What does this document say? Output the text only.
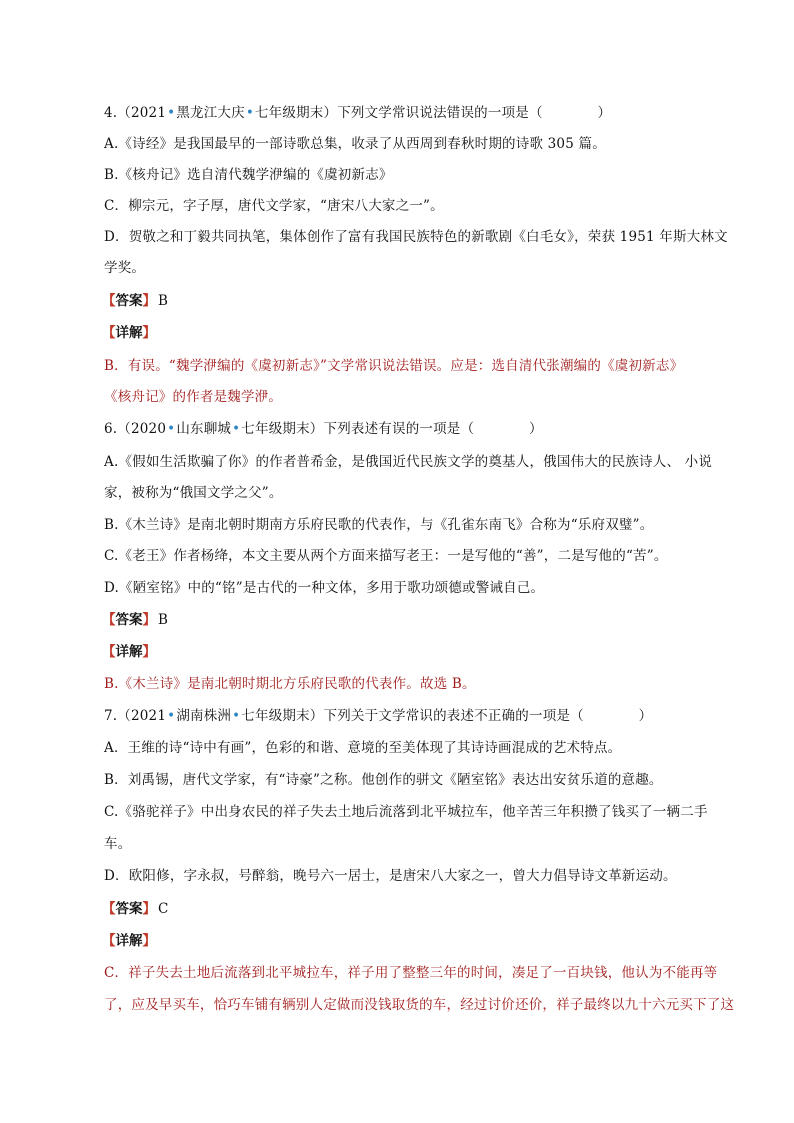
4.（2021•黑龙江大庆•七年级期末）下列文学常识说法错误的一项是（　　　　）
A.《诗经》是我国最早的一部诗歌总集，收录了从西周到春秋时期的诗歌 305 篇。
B.《核舟记》选自清代魏学洢编的《虞初新志》
C．柳宗元，字子厚，唐代文学家，“唐宋八大家之一”。
D．贺敬之和丁毅共同执笔，集体创作了富有我国民族特色的新歌剧《白毛女》，荣获 1951 年斯大林文
学奖。
【答案】 B
【详解】
B．有误。“魏学洢编的《虞初新志》”文学常识说法错误。应是：选自清代张潮编的《虞初新志》
《核舟记》的作者是魏学洢。
6.（2020•山东聊城•七年级期末）下列表述有误的一项是（　　　　）
A.《假如生活欺骗了你》的作者普希金，是俄国近代民族文学的奠基人，俄国伟大的民族诗人、 小说
家，被称为“俄国文学之父”。
B.《木兰诗》是南北朝时期南方乐府民歌的代表作，与《孔雀东南飞》合称为“乐府双璧”。
C.《老王》作者杨绛，本文主要从两个方面来描写老王：一是写他的“善”，二是写他的“苦”。
D.《陋室铭》中的“铭”是古代的一种文体，多用于歌功颂德或警诫自己。
【答案】 B
【详解】
B.《木兰诗》是南北朝时期北方乐府民歌的代表作。故选 B。
7.（2021•湖南株洲•七年级期末）下列关于文学常识的表述不正确的一项是（　　　　）
A．王维的诗“诗中有画”，色彩的和谐、意境的至美体现了其诗诗画混成的艺术特点。
B．刘禹锡，唐代文学家，有“诗豪”之称。他创作的骈文《陋室铭》表达出安贫乐道的意趣。
C.《骆驼祥子》中出身农民的祥子失去土地后流落到北平城拉车，他辛苦三年积攒了钱买了一辆二手
车。
D．欧阳修，字永叔，号醉翁，晚号六一居士，是唐宋八大家之一，曾大力倡导诗文革新运动。
【答案】 C
【详解】
C．祥子失去土地后流落到北平城拉车，祥子用了整整三年的时间，凑足了一百块钱，他认为不能再等
了，应及早买车，恰巧车铺有辆别人定做而没钱取货的车，经过讨价还价，祥子最终以九十六元买下了这
